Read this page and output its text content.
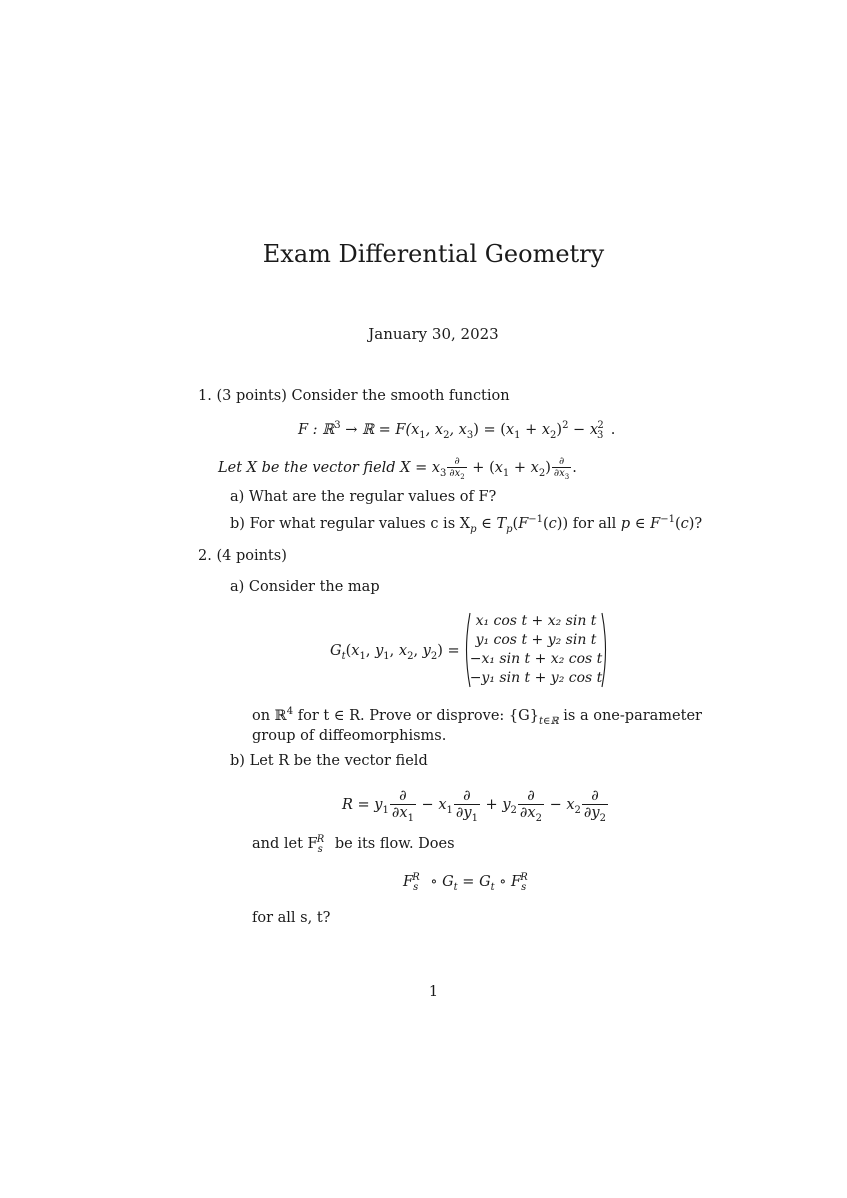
Exam Differential Geometry
January 30, 2023
1. (3 points) Consider the smooth function
F : ℝ$^3$ → ℝ = $F(x_1$, $x_2$, $x_3) = (x_1 + x_2)^2 - x_3^2$ .
Let X be the vector field $X = x_3 \frac{\partial}{\partial x_2} + (x_1 + x_2) \frac{\partial}{\partial x_3}$ .
a) What are the regular values of F?
b) For what regular values c is $X_p$ ∈ $T_p(F^{-1}(c))$ for all p ∈ $F^{-1}(c)$?
2. (4 points)
a) Consider the map
$G_t(x_1$, $y_1$, $x_2$, $y_2$) =
x₁ cos t + x₂ sin t
y₁ cos t + y₂ sin t
−x₁ sin t + x₂ cos t
−y₁ sin t + y₂ cos t
on ℝ$^4$ for t ∈ R. Prove or disprove: $\{G\}_{t\in ℝ}$ is a one-parameter
group of diffeomorphisms.
b) Let R be the vector field
$R = y_1 \frac{\partial}{\partial x_1} - x_1 \frac{\partial}{\partial y_1} + y_2 \frac{\partial}{\partial x_2} - x_2 \frac{\partial}{\partial y_2}$
and let $F_s^R$ be its flow. Does
$F_s^R$ ∘ $G_t = G_t$ ∘ $F_s^R$
for all s, t?
1
